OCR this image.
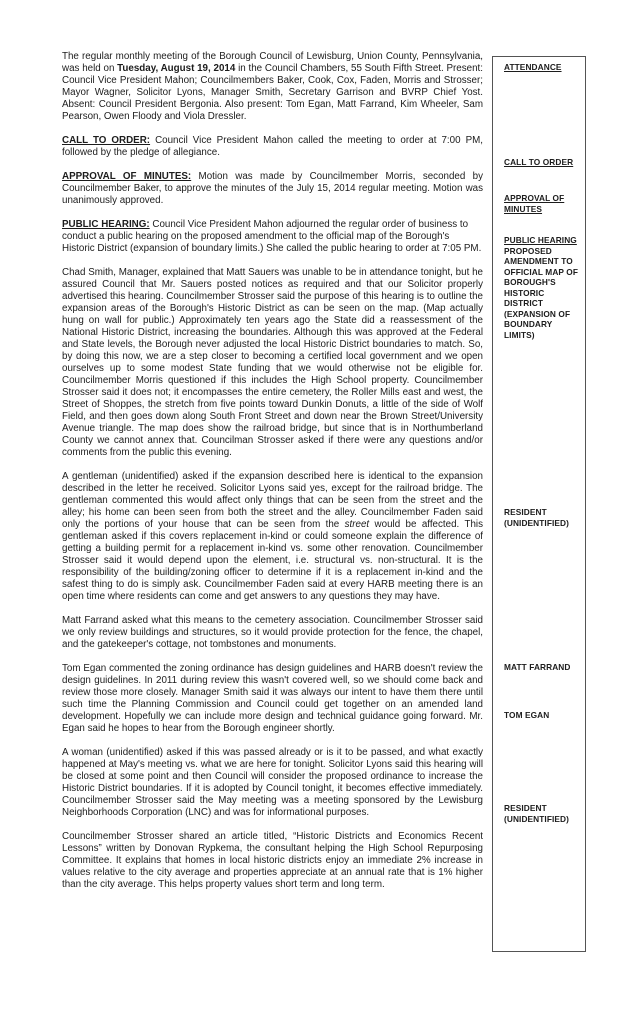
The regular monthly meeting of the Borough Council of Lewisburg, Union County, Pennsylvania, was held on Tuesday, August 19, 2014 in the Council Chambers, 55 South Fifth Street. Present: Council Vice President Mahon; Councilmembers Baker, Cook, Cox, Faden, Morris and Strosser; Mayor Wagner, Solicitor Lyons, Manager Smith, Secretary Garrison and BVRP Chief Yost. Absent: Council President Bergonia. Also present: Tom Egan, Matt Farrand, Kim Wheeler, Sam Pearson, Owen Floody and Viola Dressler.

CALL TO ORDER: Council Vice President Mahon called the meeting to order at 7:00 PM, followed by the pledge of allegiance.

APPROVAL OF MINUTES: Motion was made by Councilmember Morris, seconded by Councilmember Baker, to approve the minutes of the July 15, 2014 regular meeting. Motion was unanimously approved.

PUBLIC HEARING: Council Vice President Mahon adjourned the regular order of business to conduct a public hearing on the proposed amendment to the official map of the Borough's Historic District (expansion of boundary limits.) She called the public hearing to order at 7:05 PM.

Chad Smith, Manager, explained that Matt Sauers was unable to be in attendance tonight, but he assured Council that Mr. Sauers posted notices as required and that our Solicitor properly advertised this hearing. Councilmember Strosser said the purpose of this hearing is to outline the expansion areas of the Borough's Historic District as can be seen on the map. (Map actually hung on wall for public.) Approximately ten years ago the State did a reassessment of the National Historic District, increasing the boundaries. Although this was approved at the Federal and State levels, the Borough never adjusted the local Historic District boundaries to match. So, by doing this now, we are a step closer to becoming a certified local government and we open ourselves up to some modest State funding that we would otherwise not be eligible for. Councilmember Morris questioned if this includes the High School property. Councilmember Strosser said it does not; it encompasses the entire cemetery, the Roller Mills east and west, the Street of Shoppes, the stretch from five points toward Dunkin Donuts, a little of the side of Wolf Field, and then goes down along South Front Street and down near the Brown Street/University Avenue triangle. The map does show the railroad bridge, but since that is in Northumberland County we cannot annex that. Councilman Strosser asked if there were any questions and/or comments from the public this evening.

A gentleman (unidentified) asked if the expansion described here is identical to the expansion described in the letter he received. Solicitor Lyons said yes, except for the railroad bridge. The gentleman commented this would affect only things that can be seen from the street and the alley; his home can been seen from both the street and the alley. Councilmember Faden said only the portions of your house that can be seen from the street would be affected. This gentleman asked if this covers replacement in-kind or could someone explain the difference of getting a building permit for a replacement in-kind vs. some other renovation. Councilmember Strosser said it would depend upon the element, i.e. structural vs. non-structural. It is the responsibility of the building/zoning officer to determine if it is a replacement in-kind and the safest thing to do is simply ask. Councilmember Faden said at every HARB meeting there is an open time where residents can come and get answers to any questions they may have.

Matt Farrand asked what this means to the cemetery association. Councilmember Strosser said we only review buildings and structures, so it would provide protection for the fence, the chapel, and the gatekeeper's cottage, not tombstones and monuments.

Tom Egan commented the zoning ordinance has design guidelines and HARB doesn't review the design guidelines. In 2011 during review this wasn't covered well, so we should come back and review those more closely. Manager Smith said it was always our intent to have them there until such time the Planning Commission and Council could get together on an amended land development. Hopefully we can include more design and technical guidance going forward. Mr. Egan said he hopes to hear from the Borough engineer shortly.

A woman (unidentified) asked if this was passed already or is it to be passed, and what exactly happened at May's meeting vs. what we are here for tonight. Solicitor Lyons said this hearing will be closed at some point and then Council will consider the proposed ordinance to increase the Historic District boundaries. If it is adopted by Council tonight, it becomes effective immediately. Councilmember Strosser said the May meeting was a meeting sponsored by the Lewisburg Neighborhoods Corporation (LNC) and was for informational purposes.

Councilmember Strosser shared an article titled, “Historic Districts and Economics Recent Lessons” written by Donovan Rypkema, the consultant helping the High School Repurposing Committee. It explains that homes in local historic districts enjoy an immediate 2% increase in values relative to the city average and properties appreciate at an annual rate that is 1% higher than the city average. This helps property values short term and long term.

ATTENDANCE
CALL TO ORDER
APPROVAL OF MINUTES
PUBLIC HEARING
PROPOSED AMENDMENT TO OFFICIAL MAP OF BOROUGH'S HISTORIC DISTRICT (EXPANSION OF BOUNDARY LIMITS)
RESIDENT (UNIDENTIFIED)
MATT FARRAND
TOM EGAN
RESIDENT (UNIDENTIFIED)
